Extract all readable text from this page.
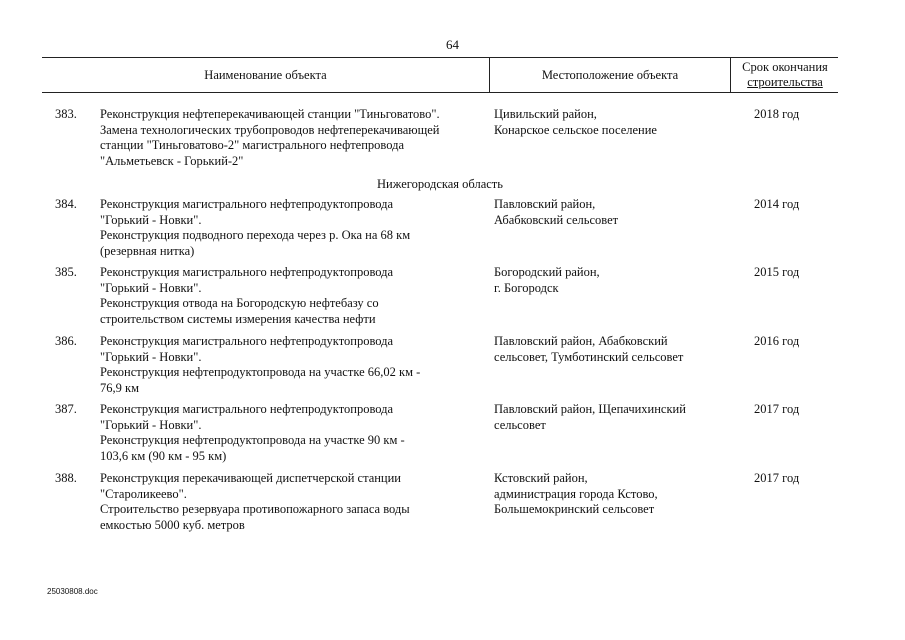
64
Наименование объекта	Местоположение объекта
Срок окончания
строительства
383. Реконструкция нефтеперекачивающей станции "Тиньговатово".
Замена технологических трубопроводов нефтеперекачивающей
станции "Тиньговатово-2" магистрального нефтепровода
"Альметьевск - Горький-2"
Цивильский район,
Конарское сельское поселение
2018 год
Нижегородская область
384. Реконструкция магистрального нефтепродуктопровода
"Горький - Новки".
Реконструкция подводного перехода через р. Ока на 68 км
(резервная нитка)
Павловский район,
Абабковский сельсовет
2014 год
385. Реконструкция магистрального нефтепродуктопровода
"Горький - Новки".
Реконструкция отвода на Богородскую нефтебазу со
строительством системы измерения качества нефти
Богородский район,
г. Богородск
2015 год
386. Реконструкция магистрального нефтепродуктопровода
"Горький - Новки".
Реконструкция нефтепродуктопровода на участке 66,02 км -
76,9 км
Павловский район, Абабковский
сельсовет, Тумботинский сельсовет
2016 год
387. Реконструкция магистрального нефтепродуктопровода
"Горький - Новки".
Реконструкция нефтепродуктопровода на участке 90 км -
103,6 км (90 км - 95 км)
Павловский район, Щепачихинский
сельсовет
2017 год
388. Реконструкция перекачивающей диспетчерской станции
"Староликеево".
Строительство резервуара противопожарного запаса воды
емкостью 5000 куб. метров
Кстовский район,
администрация города Кстово,
Большемокринский сельсовет
2017 год
25030808.doc
